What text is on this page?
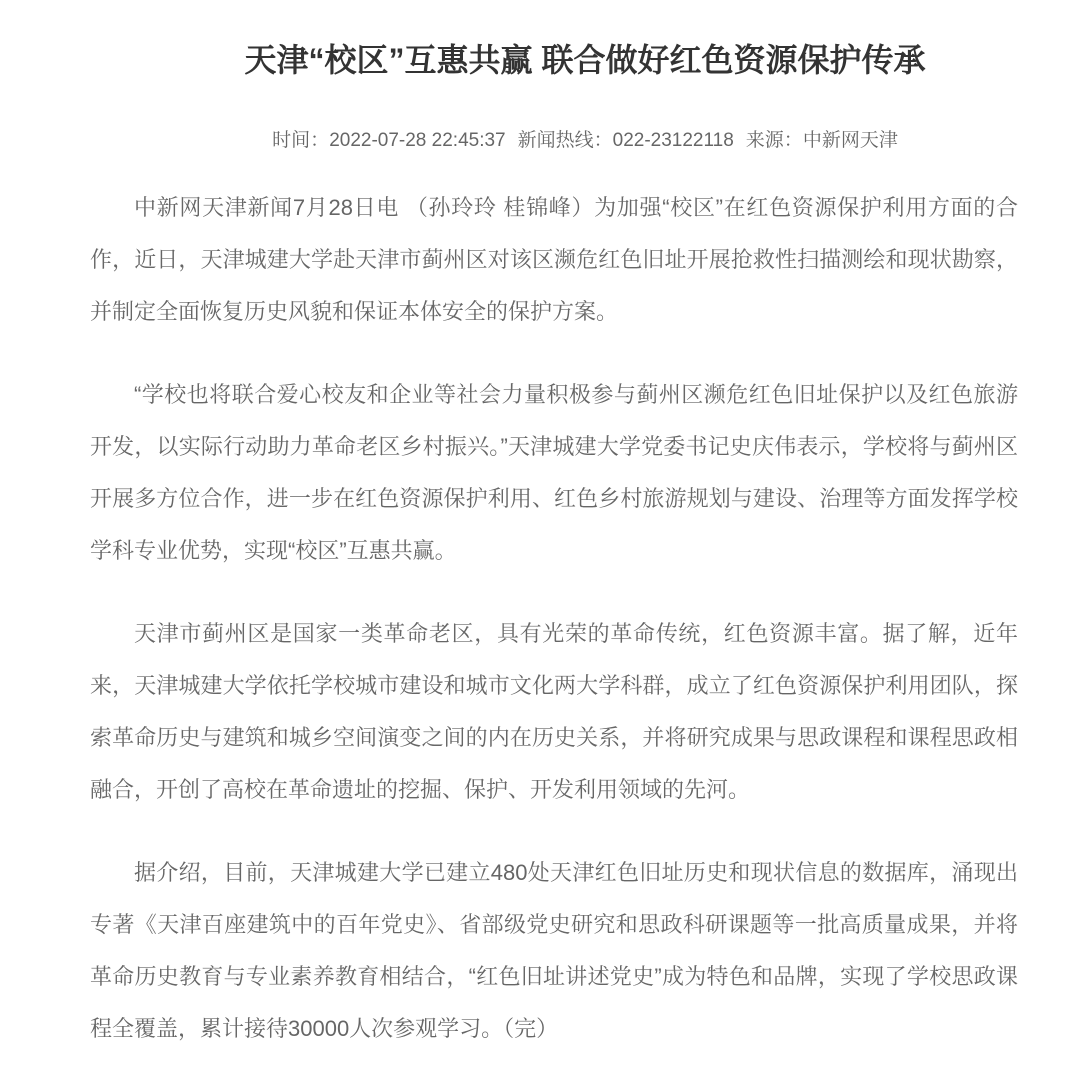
天津“校区”互惠共赢 联合做好红色资源保护传承
时间：2022-07-28 22:45:37 新闻热线：022-23122118 来源：中新网天津

中新网天津新闻7月28日电 （孙玲玲 桂锦峰）为加强“校区”在红色资源保护利用方面的合作，近日，天津城建大学赴天津市蓟州区对该区濒危红色旧址开展抢救性扫描测绘和现状勘察，并制定全面恢复历史风貌和保证本体安全的保护方案。

“学校也将联合爱心校友和企业等社会力量积极参与蓟州区濒危红色旧址保护以及红色旅游开发，以实际行动助力革命老区乡村振兴。”天津城建大学党委书记史庆伟表示，学校将与蓟州区开展多方位合作，进一步在红色资源保护利用、红色乡村旅游规划与建设、治理等方面发挥学校学科专业优势，实现“校区”互惠共赢。

天津市蓟州区是国家一类革命老区，具有光荣的革命传统，红色资源丰富。据了解，近年来，天津城建大学依托学校城市建设和城市文化两大学科群，成立了红色资源保护利用团队，探索革命历史与建筑和城乡空间演变之间的内在历史关系，并将研究成果与思政课程和课程思政相融合，开创了高校在革命遗址的挖掘、保护、开发利用领域的先河。

据介绍，目前，天津城建大学已建立480处天津红色旧址历史和现状信息的数据库，涌现出专著《天津百座建筑中的百年党史》、省部级党史研究和思政科研课题等一批高质量成果，并将革命历史教育与专业素养教育相结合，“红色旧址讲述党史”成为特色和品牌，实现了学校思政课程全覆盖，累计接待30000人次参观学习。（完）
